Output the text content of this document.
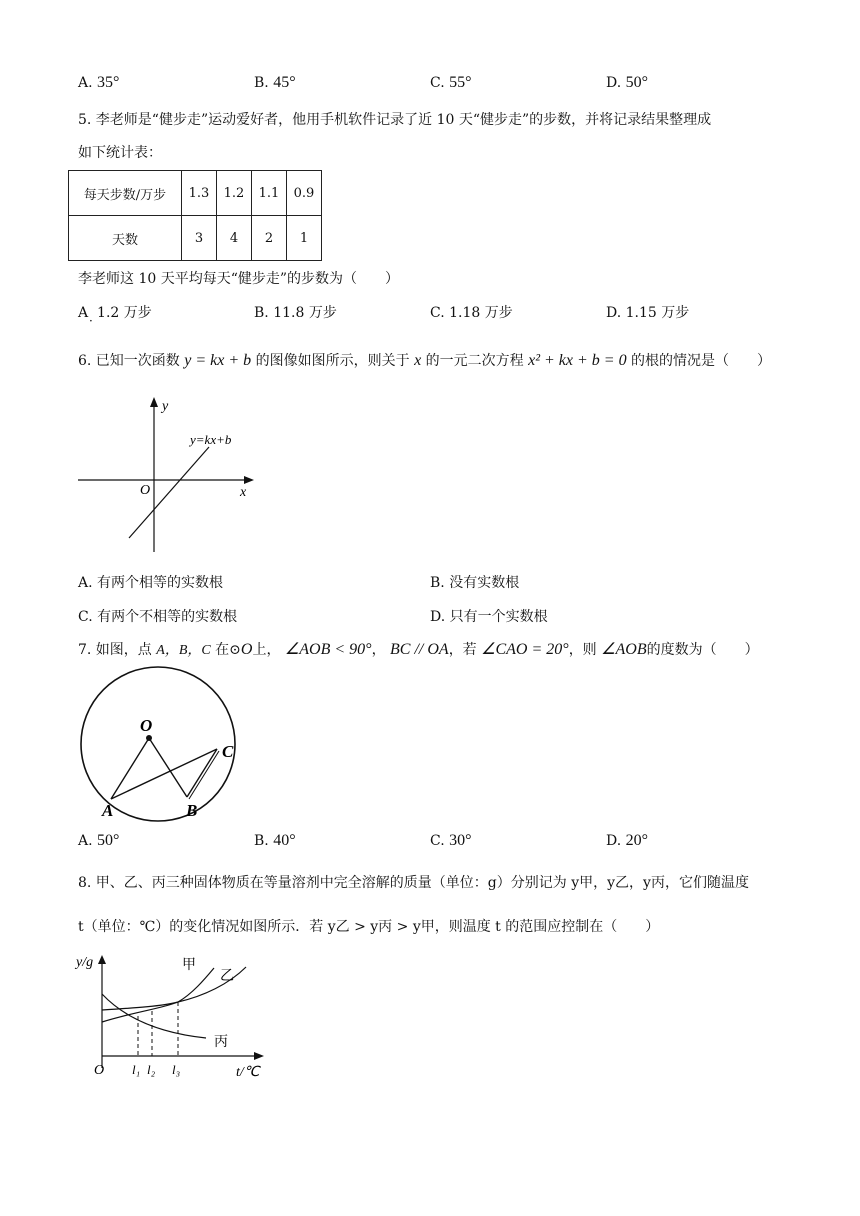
A. 35°	B. 45°	C. 55°	D. 50°
5. 李老师是“健步走”运动爱好者，他用手机软件记录了近 10 天“健步走”的步数，并将记录结果整理成
如下统计表：
每天步数/万步	1.3	1.2	1.1	0.9
天数	3	4	2	1
李老师这 10 天平均每天“健步走”的步数为（　　）
A 1.2 万步
·	B. 11.8 万步	C. 1.18 万步	D. 1.15 万步
6. 已知一次函数 y = kx + b 的图像如图所示，则关于 x 的一元二次方程 x² + kx + b = 0 的根的情况是（　　）
y
x
O
y=kx+b
A. 有两个相等的实数根	B. 没有实数根
C. 有两个不相等的实数根	D. 只有一个实数根
7. 如图，点 A，B，C 在⊙O上， ∠AOB < 90°， BC // OA，若 ∠CAO = 20°，则 ∠AOB的度数为（　　）
O
A	B
C
A. 50°	B. 40°	C. 30°	D. 20°
8. 甲、乙、丙三种固体物质在等量溶剂中完全溶解的质量（单位：g）分别记为 y甲，y乙，y丙，它们随温度
t（单位：℃）的变化情况如图所示．若 y乙 > y丙 > y甲，则温度 t 的范围应控制在（　　）
y/g
t/℃
O
甲
乙
丙
l₁ l₂ l₃
